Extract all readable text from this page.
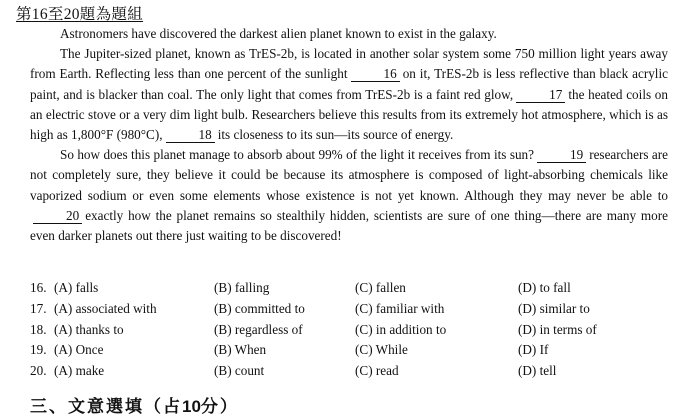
第16至20題為題組

Astronomers have discovered the darkest alien planet known to exist in the galaxy.

The Jupiter-sized planet, known as TrES-2b, is located in another solar system some 750 million light years away from Earth. Reflecting less than one percent of the sunlight	16 on it, TrES-2b is less reflective than black acrylic paint, and is blacker than coal. The only light that comes from TrES-2b is a faint red glow,	17 the heated coils on an electric stove or a very dim light bulb. Researchers believe this results from its extremely hot atmosphere, which is as high as 1,800°F (980°C),	18 its closeness to its sun—its source of energy.

So how does this planet manage to absorb about 99% of the light it receives from its sun?	19 researchers are not completely sure, they believe it could be because its atmosphere is composed of light-absorbing chemicals like vaporized sodium or even some elements whose existence is not yet known. Although they may never be able to20 exactly how the planet remains so stealthily hidden, scientists are sure of one thing—there are many more even darker planets out there just waiting to be discovered!

16. (A) falls	(B) falling	(C) fallen	(D) to fall
17. (A) associated with	(B) committed to	(C) familiar with	(D) similar to
18. (A) thanks to	(B) regardless of	(C) in addition to	(D) in terms of
19. (A) Once	(B) When	(C) While	(D) If
20. (A) make	(B) count	(C) read	(D) tell
三、文意選填（占10分）
